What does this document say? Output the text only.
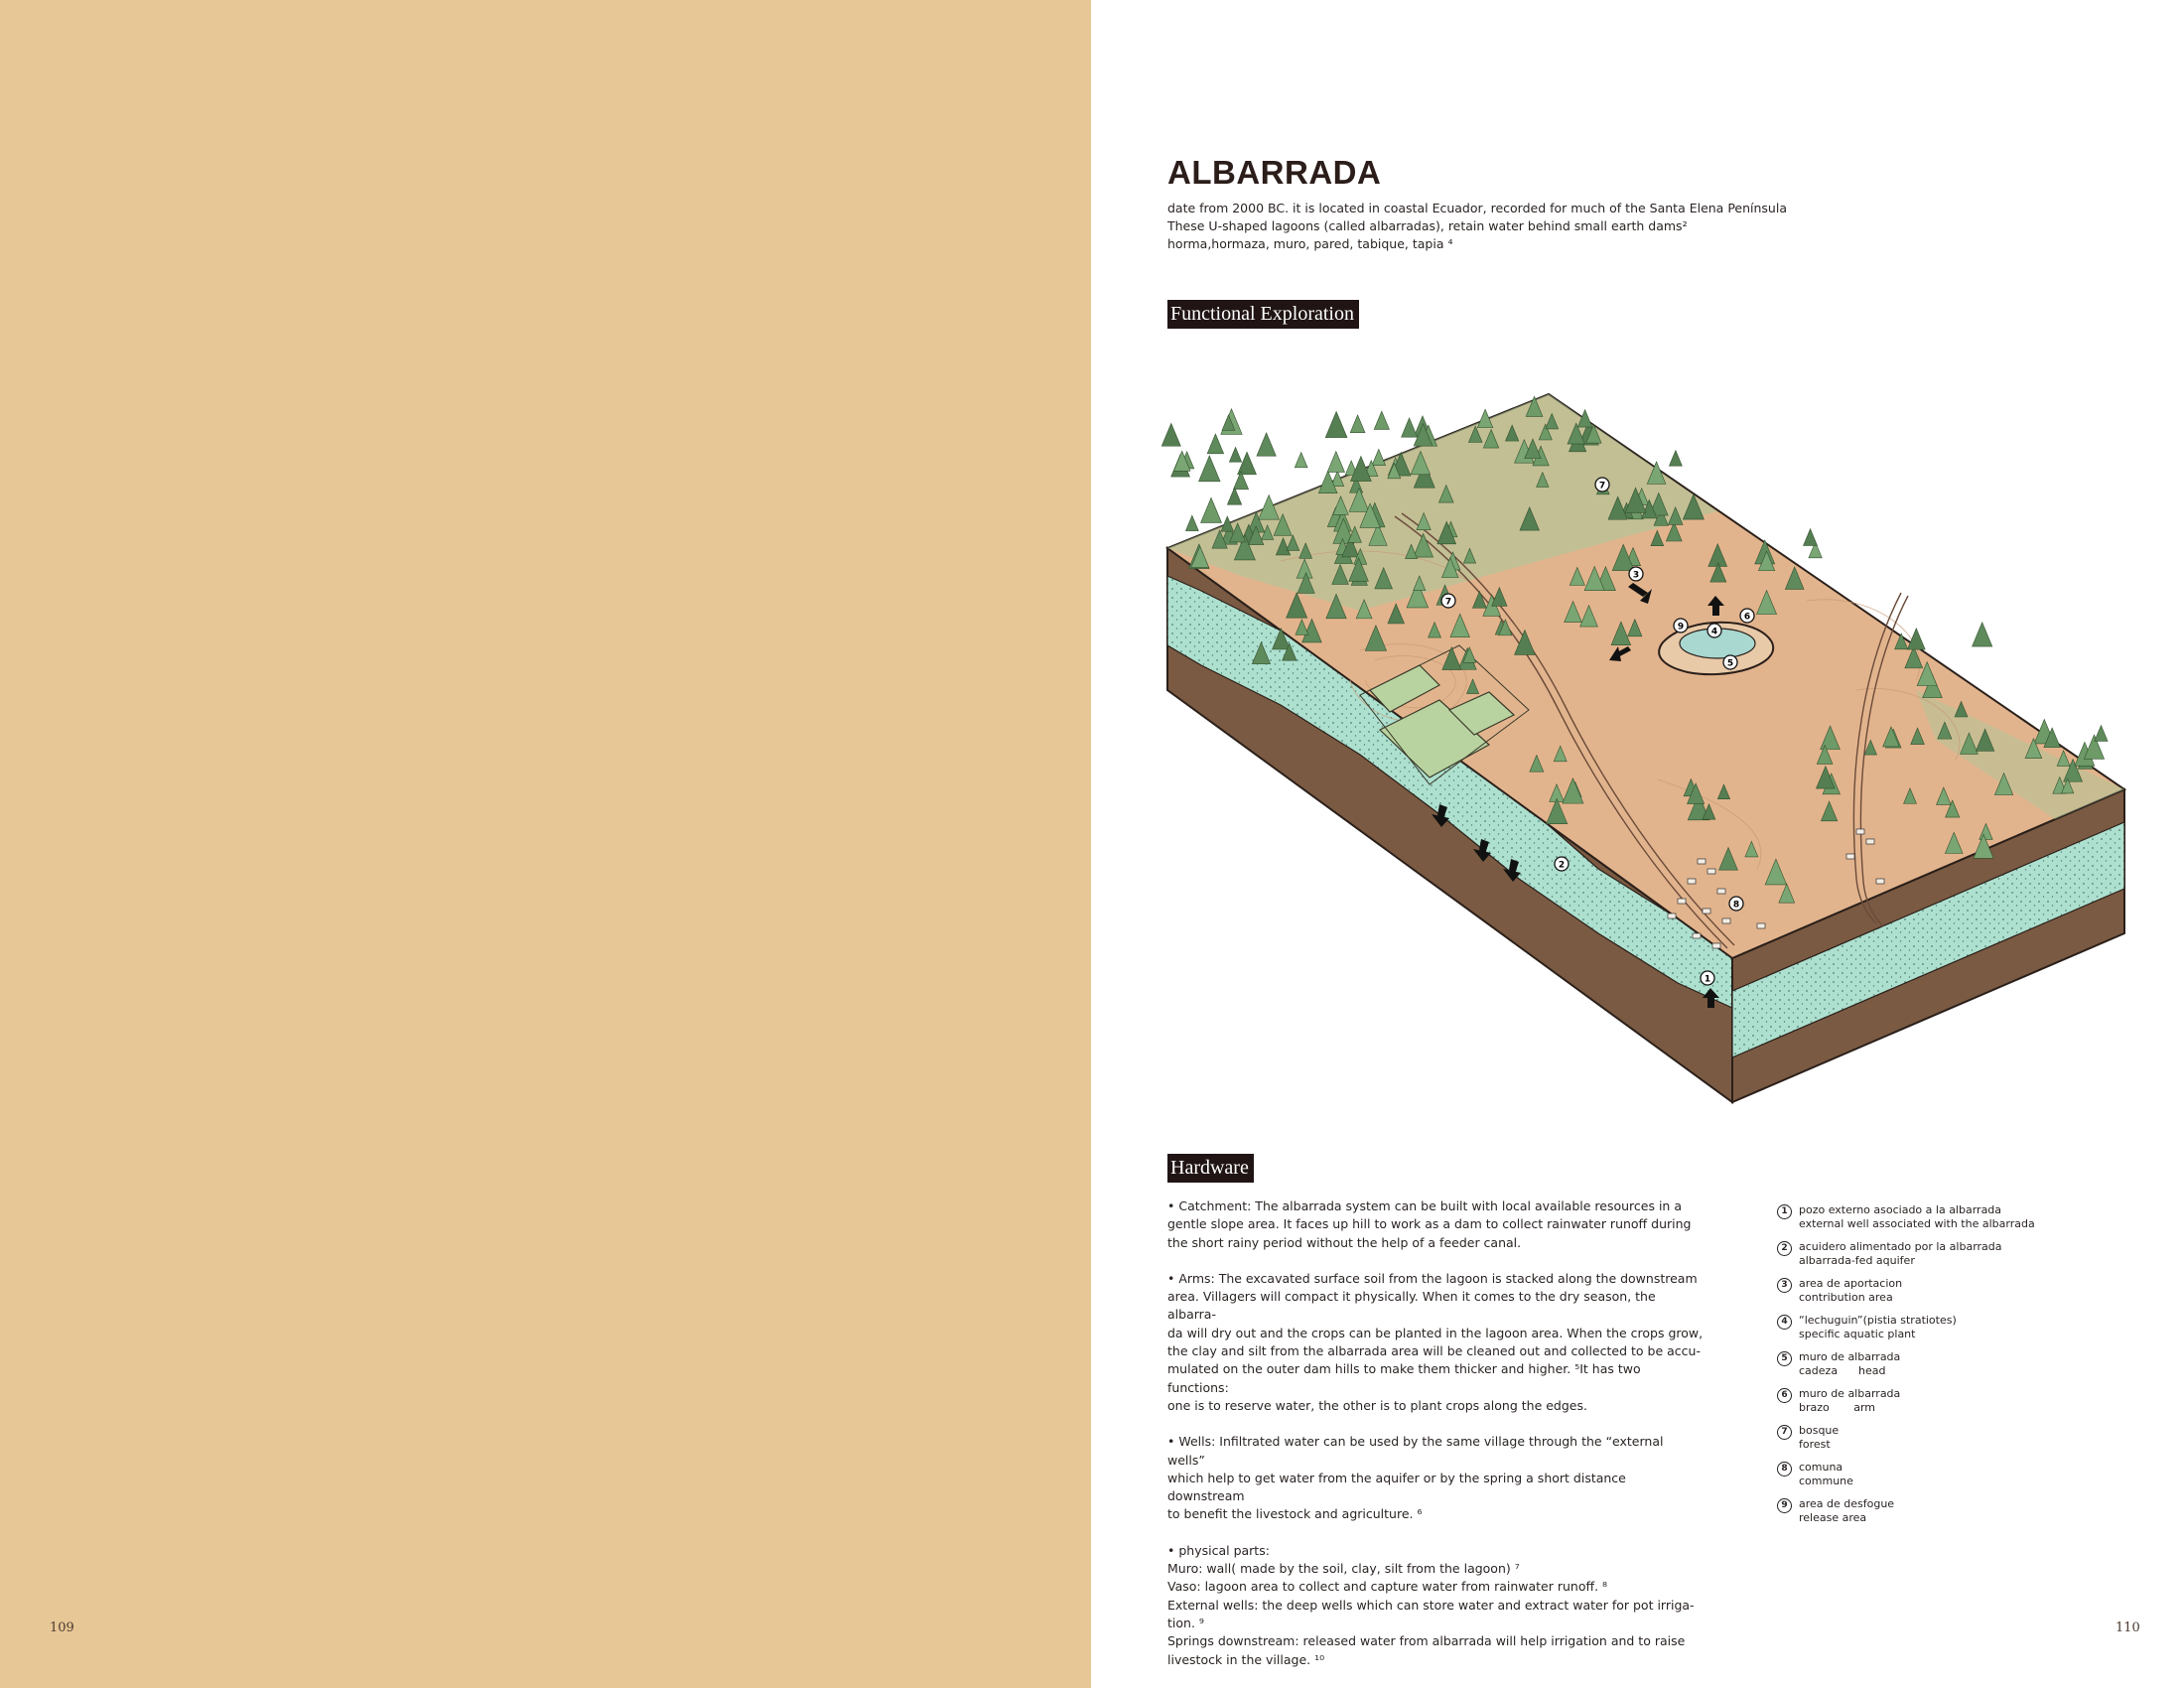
109	110
ALBARRADA
date from 2000 BC. it is located in coastal Ecuador, recorded for much of the Santa Elena Península
These U-shaped lagoons (called albarradas), retain water behind small earth dams²
horma,hormaza, muro, pared, tabique, tapia ⁴
Functional Exploration
1
2
3
4
5
6
7
7
8
9
Hardware

• Catchment: The albarrada system can be built with local available resources in a
gentle slope area. It faces up hill to work as a dam to collect rainwater runoff during
the short rainy period without the help of a feeder canal.

• Arms: The excavated surface soil from the lagoon is stacked along the downstream
area. Villagers will compact it physically. When it comes to the dry season, the albarra-
da will dry out and the crops can be planted in the lagoon area. When the crops grow,
the clay and silt from the albarrada area will be cleaned out and collected to be accu-
mulated on the outer dam hills to make them thicker and higher. ⁵It has two functions:
one is to reserve water, the other is to plant crops along the edges.

• Wells: Infiltrated water can be used by the same village through the “external wells”
which help to get water from the aquifer or by the spring a short distance downstream
to benefit the livestock and agriculture. ⁶

• physical parts:
Muro: wall( made by the soil, clay, silt from the lagoon) ⁷
Vaso: lagoon area to collect and capture water from rainwater runoff. ⁸
External wells: the deep wells which can store water and extract water for pot irriga-
tion. ⁹
Springs downstream: released water from albarrada will help irrigation and to raise
livestock in the village. ¹⁰

1	pozo externo asociado a la albarrada
external well associated with the albarrada
2	acuidero alimentado por la albarrada
albarrada-fed aquifer
3	area de aportacion
contribution area
4	“lechuguin”(pistia stratiotes)
specific aquatic plant
5	muro de albarrada
cadeza      head
6	muro de albarrada
brazo       arm
7	bosque
forest
8	comuna
commune
9	area de desfogue
release area
